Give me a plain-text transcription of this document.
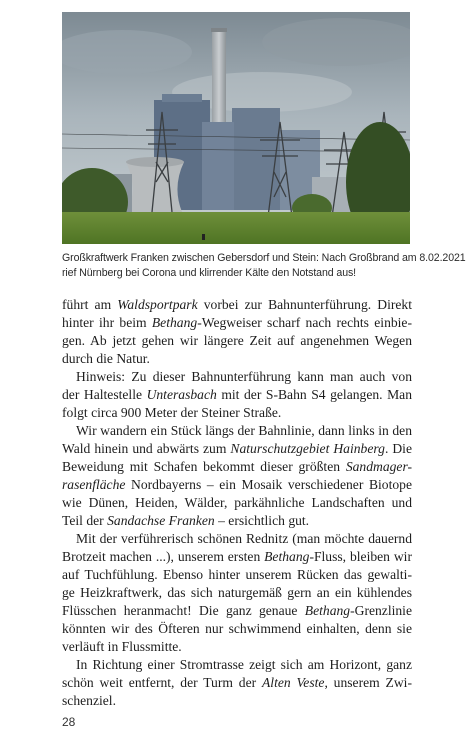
Großkraftwerk Franken zwischen Gebersdorf und Stein: Nach Großbrand am 8.02.2021
rief Nürnberg bei Corona und klirrender Kälte den Notstand aus!
führt am Waldsportpark vorbei zur Bahnunterführung. Direkt
hinter ihr beim Bethang-Wegweiser scharf nach rechts einbie-
gen. Ab jetzt gehen wir längere Zeit auf angenehmen Wegen
durch die Natur.
Hinweis: Zu dieser Bahnunterführung kann man auch von
der Haltestelle Unterasbach mit der S-Bahn S4 gelangen. Man
folgt circa 900 Meter der Steiner Straße.
Wir wandern ein Stück längs der Bahnlinie, dann links in den
Wald hinein und abwärts zum Naturschutzgebiet Hainberg. Die
Beweidung mit Schafen bekommt dieser größten Sandmager-
rasenfläche Nordbayerns – ein Mosaik verschiedener Biotope
wie Dünen, Heiden, Wälder, parkähnliche Landschaften und
Teil der Sandachse Franken – ersichtlich gut.
Mit der verführerisch schönen Rednitz (man möchte dauernd
Brotzeit machen ...), unserem ersten Bethang-Fluss, bleiben wir
auf Tuchfühlung. Ebenso hinter unserem Rücken das gewalti-
ge Heizkraftwerk, das sich naturgemäß gern an ein kühlendes
Flüsschen heranmacht! Die ganz genaue Bethang-Grenzlinie
könnten wir des Öfteren nur schwimmend einhalten, denn sie
verläuft in Flussmitte.
In Richtung einer Stromtrasse zeigt sich am Horizont, ganz
schön weit entfernt, der Turm der Alten Veste, unserem Zwi-
schenziel.
28
